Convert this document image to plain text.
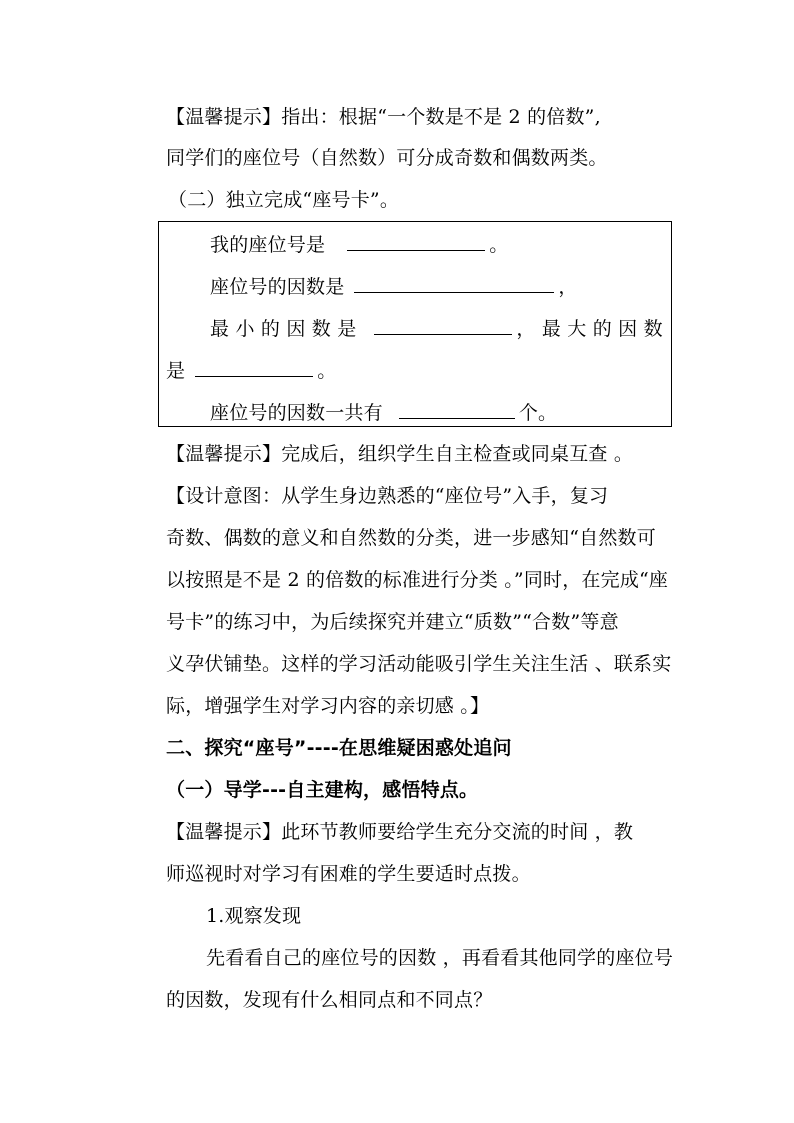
【温馨提示】指出：根据“一个数是不是 2 的倍数”,
同学们的座位号（自然数）可分成奇数和偶数两类。
（二）独立完成“座号卡”。
我的座位号是	。
座位号的因数是	，
最 小 的 因 数 是	， 最 大 的 因 数
是	。
座位号的因数一共有	个。
【温馨提示】完成后，组织学生自主检查或同桌互查 。
【设计意图：从学生身边熟悉的“座位号”入手，复习
奇数、偶数的意义和自然数的分类，进一步感知“自然数可
以按照是不是 2 的倍数的标准进行分类 。”同时，在完成“座
号卡”的练习中，为后续探究并建立“质数”“合数”等意
义孕伏铺垫。这样的学习活动能吸引学生关注生活 、联系实
际，增强学生对学习内容的亲切感 。】
二、探究“座号”----在思维疑困惑处追问
（一）导学---自主建构，感悟特点。
【温馨提示】此环节教师要给学生充分交流的时间 ，教
师巡视时对学习有困难的学生要适时点拨。
1.观察发现
先看看自己的座位号的因数 ，再看看其他同学的座位号
的因数，发现有什么相同点和不同点？
